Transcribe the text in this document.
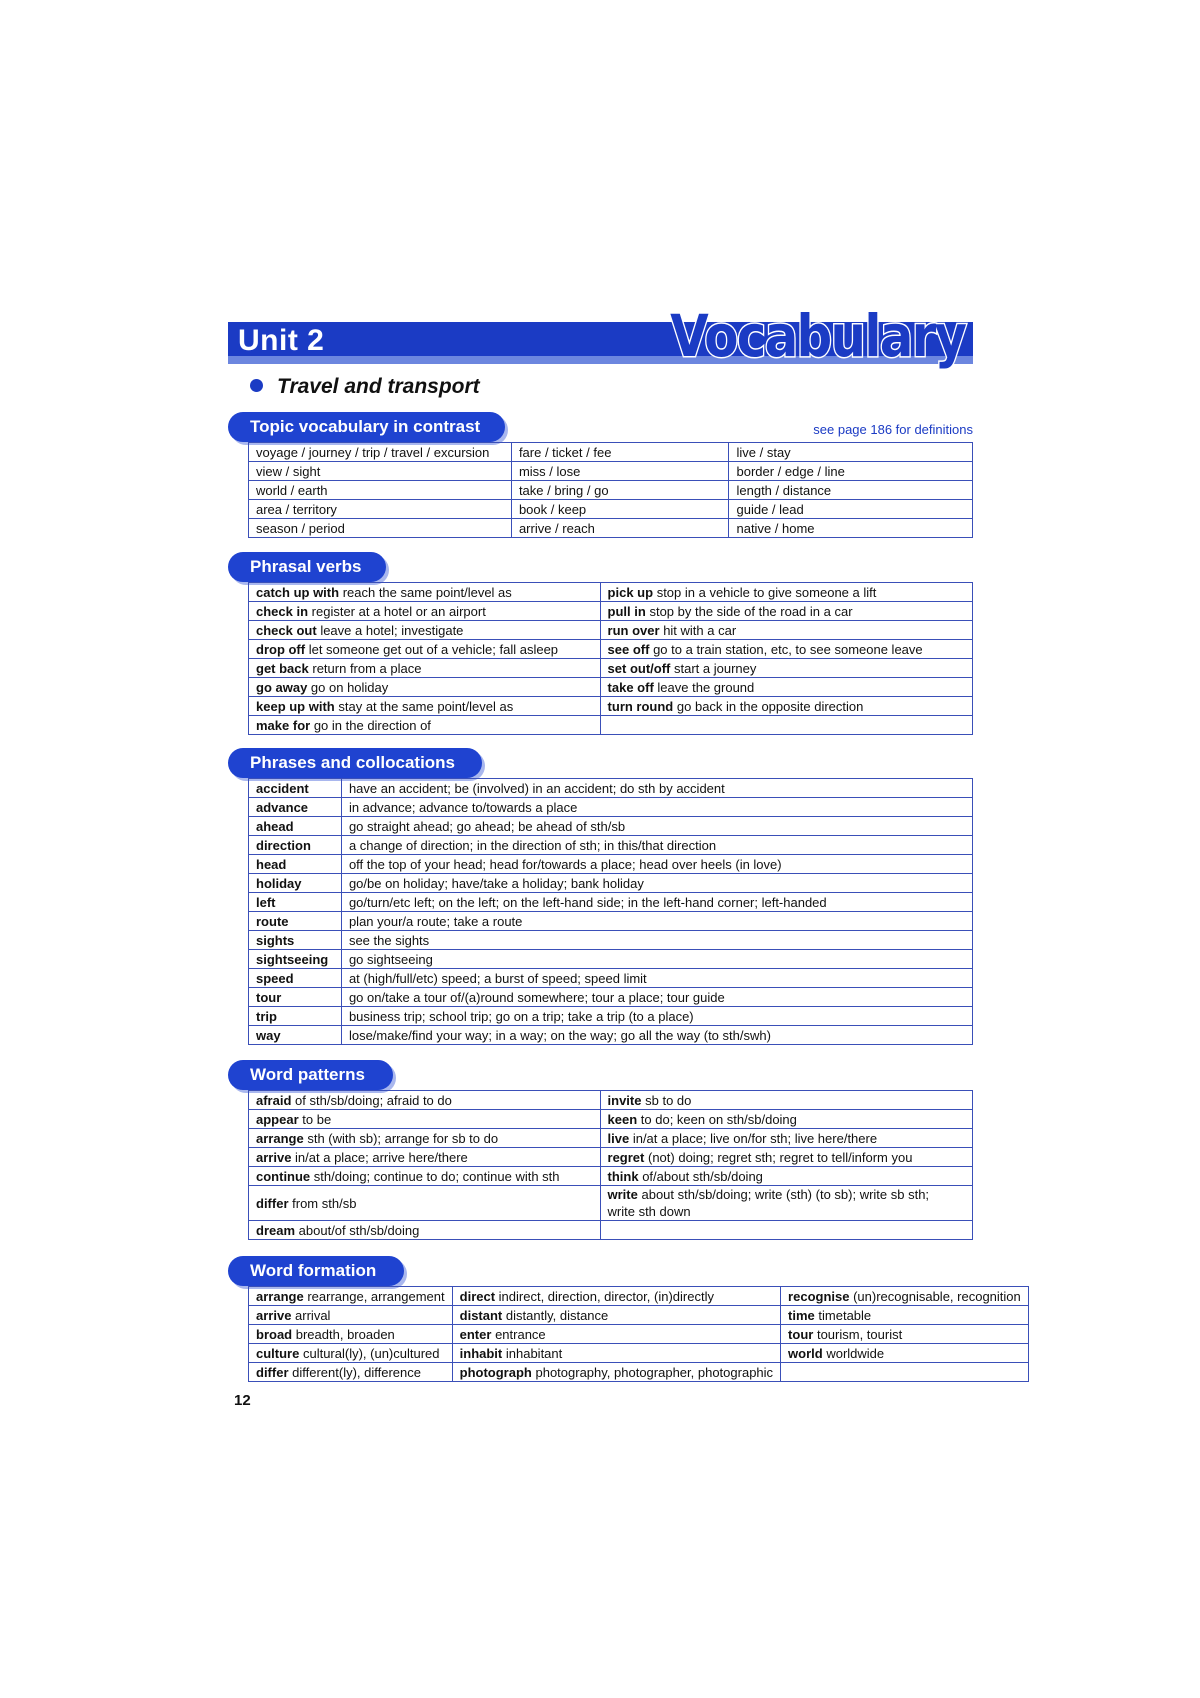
Unit 2	Vocabulary
Travel and transport
Topic vocabulary in contrast	see page 186 for definitions
voyage / journey / trip / travel / excursion	fare / ticket / fee	live / stay
view / sight	miss / lose	border / edge / line
world / earth	take / bring / go	length / distance
area / territory	book / keep	guide / lead
season / period	arrive / reach	native / home
Phrasal verbs
catch up with reach the same point/level as	pick up stop in a vehicle to give someone a lift
check in register at a hotel or an airport	pull in stop by the side of the road in a car
check out leave a hotel; investigate	run over hit with a car
drop off let someone get out of a vehicle; fall asleep	see off go to a train station, etc, to see someone leave
get back return from a place	set out/off start a journey
go away go on holiday	take off leave the ground
keep up with stay at the same point/level as	turn round go back in the opposite direction
make for go in the direction of	
Phrases and collocations
accident	have an accident; be (involved) in an accident; do sth by accident
advance	in advance; advance to/towards a place
ahead	go straight ahead; go ahead; be ahead of sth/sb
direction	a change of direction; in the direction of sth; in this/that direction
head	off the top of your head; head for/towards a place; head over heels (in love)
holiday	go/be on holiday; have/take a holiday; bank holiday
left	go/turn/etc left; on the left; on the left-hand side; in the left-hand corner; left-handed
route	plan your/a route; take a route
sights	see the sights
sightseeing	go sightseeing
speed	at (high/full/etc) speed; a burst of speed; speed limit
tour	go on/take a tour of/(a)round somewhere; tour a place; tour guide
trip	business trip; school trip; go on a trip; take a trip (to a place)
way	lose/make/find your way; in a way; on the way; go all the way (to sth/swh)
Word patterns
afraid of sth/sb/doing; afraid to do	invite sb to do
appear to be	keen to do; keen on sth/sb/doing
arrange sth (with sb); arrange for sb to do	live in/at a place; live on/for sth; live here/there
arrive in/at a place; arrive here/there	regret (not) doing; regret sth; regret to tell/inform you
continue sth/doing; continue to do; continue with sth	think of/about sth/sb/doing
differ from sth/sb	write about sth/sb/doing; write (sth) (to sb); write sb sth;
write sth down
dream about/of sth/sb/doing	
Word formation
arrange rearrange, arrangement	direct indirect, direction, director, (in)directly	recognise (un)recognisable, recognition
arrive arrival	distant distantly, distance	time timetable
broad breadth, broaden	enter entrance	tour tourism, tourist
culture cultural(ly), (un)cultured	inhabit inhabitant	world worldwide
differ different(ly), difference	photograph photography, photographer, photographic	
12
